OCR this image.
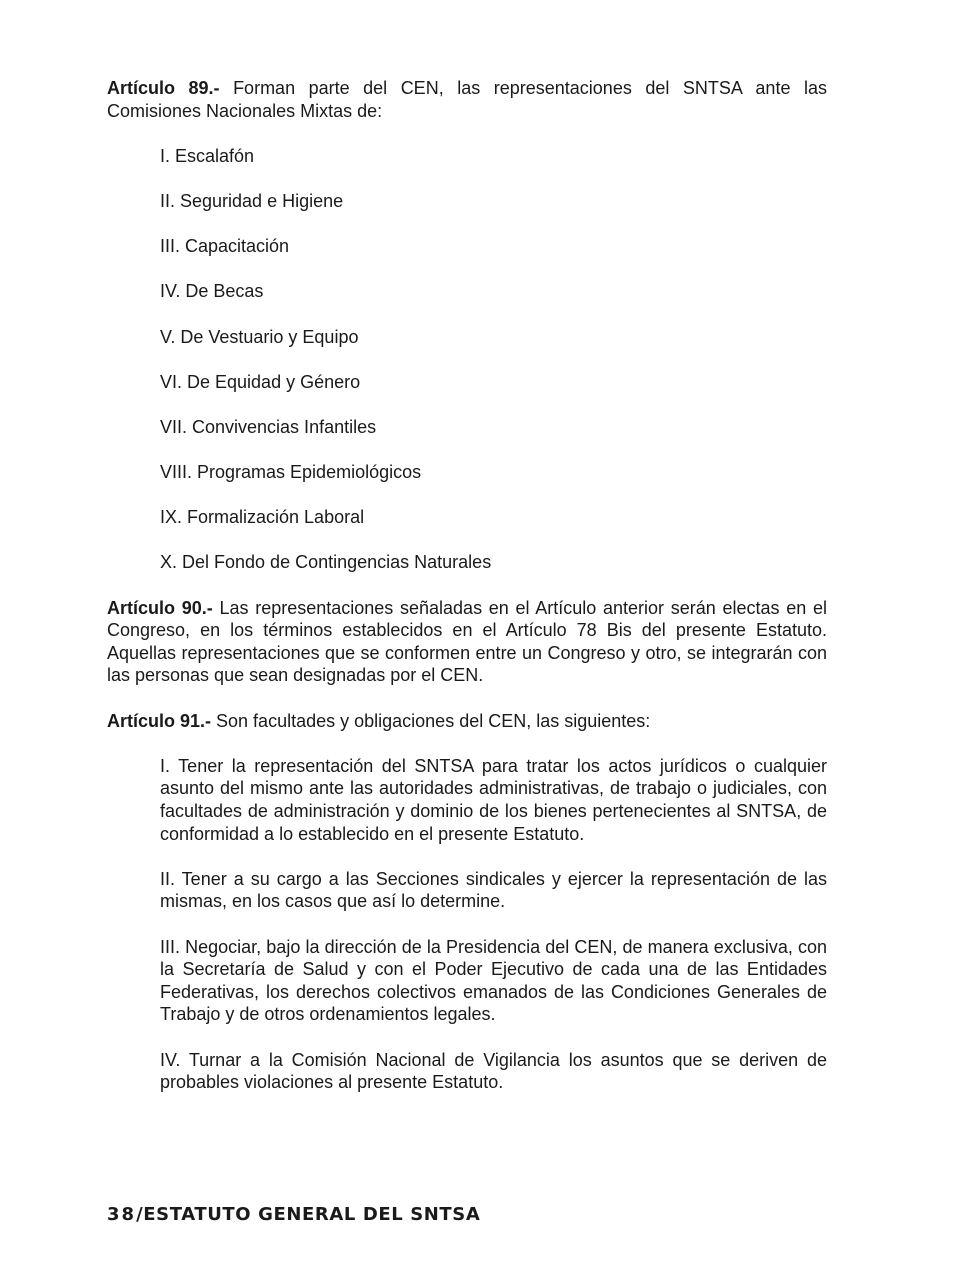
Artículo 89.- Forman parte del CEN, las representaciones del SNTSA ante las Comisiones Nacionales Mixtas de:

I. Escalafón
II. Seguridad e Higiene
III. Capacitación
IV. De Becas
V. De Vestuario y Equipo
VI. De Equidad y Género
VII. Convivencias Infantiles
VIII. Programas Epidemiológicos
IX. Formalización Laboral
X. Del Fondo de Contingencias Naturales

Artículo 90.- Las representaciones señaladas en el Artículo anterior serán electas en el Congreso, en los términos establecidos en el Artículo 78 Bis del presente Estatuto. Aquellas representaciones que se conformen entre un Congreso y otro, se integrarán con las personas que sean designadas por el CEN.

Artículo 91.- Son facultades y obligaciones del CEN, las siguientes:

I. Tener la representación del SNTSA para tratar los actos jurídicos o cualquier asunto del mismo ante las autoridades administrativas, de trabajo o judiciales, con facultades de administración y dominio de los bienes pertenecientes al SNTSA, de conformidad a lo establecido en el presente Estatuto.
II. Tener a su cargo a las Secciones sindicales y ejercer la representación de las mismas, en los casos que así lo determine.
III. Negociar, bajo la dirección de la Presidencia del CEN, de manera exclusiva, con la Secretaría de Salud y con el Poder Ejecutivo de cada una de las Entidades Federativas, los derechos colectivos emanados de las Condiciones Generales de Trabajo y de otros ordenamientos legales.
IV. Turnar a la Comisión Nacional de Vigilancia los asuntos que se deriven de probables violaciones al presente Estatuto.
38/ESTATUTO GENERAL DEL SNTSA
